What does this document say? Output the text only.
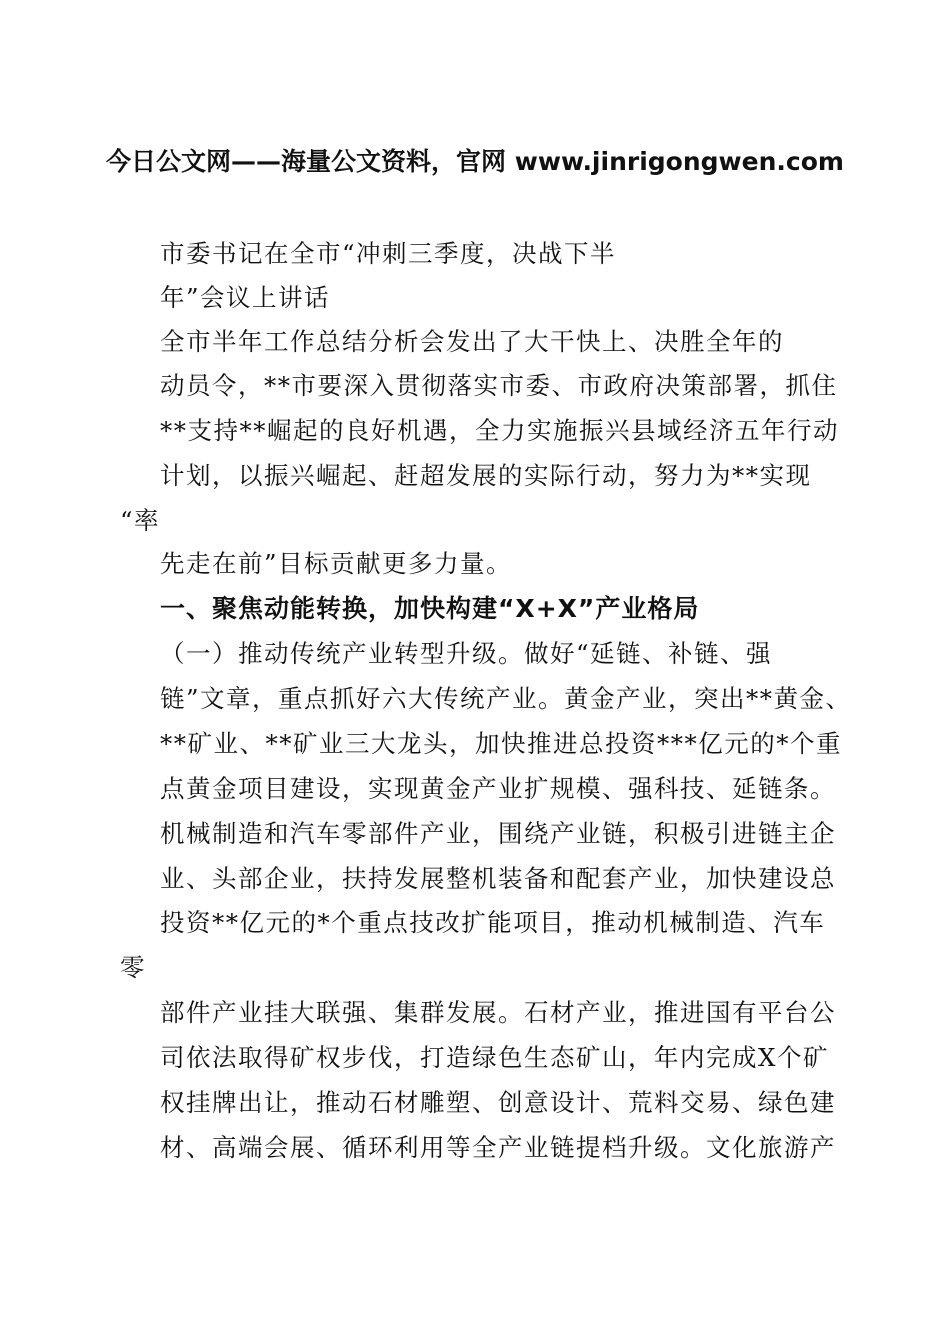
今日公文网——海量公文资料，官网 www.jinrigongwen.com
市委书记在全市“冲刺三季度，决战下半
年”会议上讲话
全市半年工作总结分析会发出了大干快上、决胜全年的
动员令，**市要深入贯彻落实市委、市政府决策部署，抓住
**支持**崛起的良好机遇，全力实施振兴县域经济五年行动
计划，以振兴崛起、赶超发展的实际行动，努力为**实现
“率
先走在前”目标贡献更多力量。
一、聚焦动能转换，加快构建“X+X”产业格局
（一）推动传统产业转型升级。做好“延链、补链、强
链”文章，重点抓好六大传统产业。黄金产业，突出**黄金、
**矿业、**矿业三大龙头，加快推进总投资***亿元的*个重
点黄金项目建设，实现黄金产业扩规模、强科技、延链条。
机械制造和汽车零部件产业，围绕产业链，积极引进链主企
业、头部企业，扶持发展整机装备和配套产业，加快建设总
投资**亿元的*个重点技改扩能项目，推动机械制造、汽车
零
部件产业挂大联强、集群发展。石材产业，推进国有平台公
司依法取得矿权步伐，打造绿色生态矿山，年内完成X个矿
权挂牌出让，推动石材雕塑、创意设计、荒料交易、绿色建
材、高端会展、循环利用等全产业链提档升级。文化旅游产
